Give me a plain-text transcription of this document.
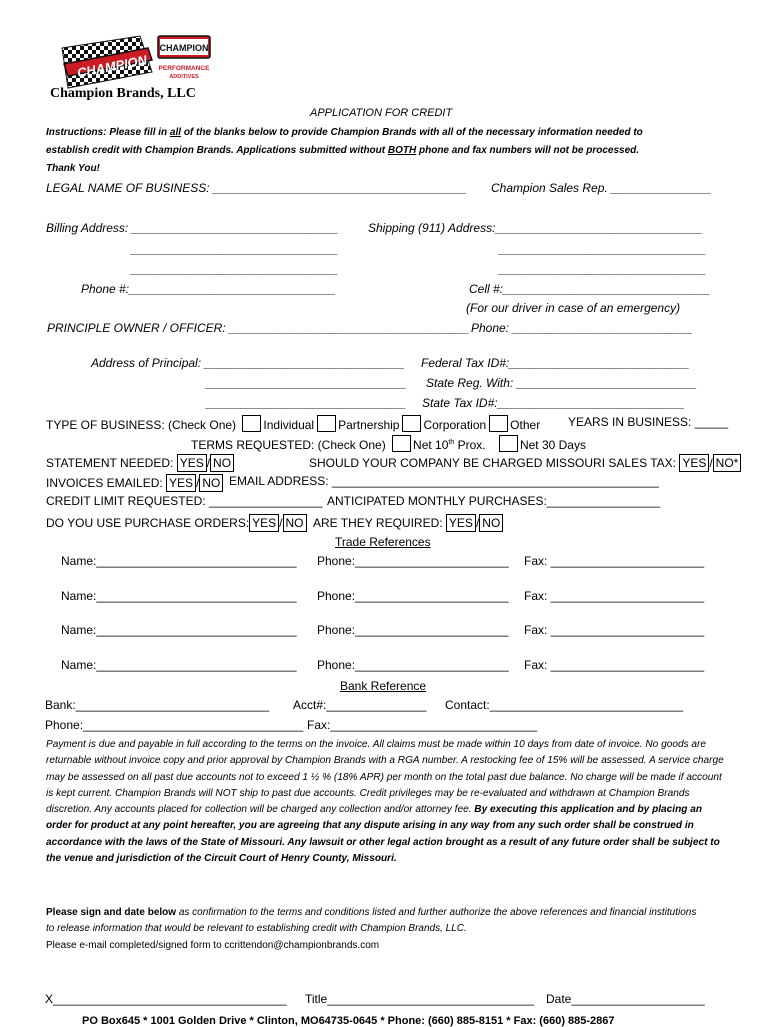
CHAMPION
CHAMPION
PERFORMANCE
ADDITIVES
Champion Brands, LLC
APPLICATION FOR CREDIT
Instructions: Please fill in all of the blanks below to provide Champion Brands with all of the necessary information needed to
establish credit with Champion Brands. Applications submitted without BOTH phone and fax numbers will not be processed.
Thank You!
LEGAL NAME OF BUSINESS: ______________________________________ Champion Sales Rep. _______________
Billing Address: _______________________________
_______________________________
_______________________________
Phone #:_______________________________
Shipping (911) Address:_______________________________
_______________________________
_______________________________
Cell #:_______________________________
(For our driver in case of an emergency)
PRINCIPLE OWNER / OFFICER: ____________________________________ Phone: ___________________________
Address of Principal: ______________________________
______________________________
______________________________
Federal Tax ID#:___________________________
State Reg. With: ___________________________
State Tax ID#:____________________________
TYPE OF BUSINESS: (Check One) Individual Partnership Corporation Other YEARS IN BUSINESS: _____
TERMS REQUESTED: (Check One) Net 10th Prox.	Net 30 Days
STATEMENT NEEDED: YES / NO	SHOULD YOUR COMPANY BE CHARGED MISSOURI SALES TAX: YES / NO*
INVOICES EMAILED: YES / NO EMAIL ADDRESS: _________________________________________________
CREDIT LIMIT REQUESTED: _________________ ANTICIPATED MONTHLY PURCHASES:_________________
DO YOU USE PURCHASE ORDERS: YES / NO ARE THEY REQUIRED: YES / NO
Trade References
Name:______________________________ Phone:_______________________ Fax: _______________________
Name:______________________________ Phone:_______________________ Fax: _______________________
Name:______________________________ Phone:_______________________ Fax: _______________________
Name:______________________________ Phone:_______________________ Fax: _______________________
Bank Reference
Bank:_____________________________ Acct#:_______________ Contact:_____________________________
Phone:_________________________________ Fax:_______________________________
Payment is due and payable in full according to the terms on the invoice. All claims must be made within 10 days from date of invoice. No goods are returnable without invoice copy and prior approval by Champion Brands with a RGA number. A restocking fee of 15% will be assessed. A service charge may be assessed on all past due accounts not to exceed 1 ½ % (18% APR) per month on the total past due balance. No charge will be made if account is kept current. Champion Brands will NOT ship to past due accounts. Credit privileges may be re-evaluated and withdrawn at Champion Brands discretion. Any accounts placed for collection will be charged any collection and/or attorney fee. By executing this application and by placing an order for product at any point hereafter, you are agreeing that any dispute arising in any way from any such order shall be construed in accordance with the laws of the State of Missouri. Any lawsuit or other legal action brought as a result of any future order shall be subject to the venue and jurisdiction of the Circuit Court of Henry County, Missouri.
Please sign and date below as confirmation to the terms and conditions listed and further authorize the above references and financial institutions
to release information that would be relevant to establishing credit with Champion Brands, LLC.
Please e-mail completed/signed form to ccrittendon@championbrands.com
X___________________________________ Title_______________________________ Date____________________
PO Box645 * 1001 Golden Drive * Clinton, MO64735-0645 * Phone: (660) 885-8151 * Fax: (660) 885-2867
